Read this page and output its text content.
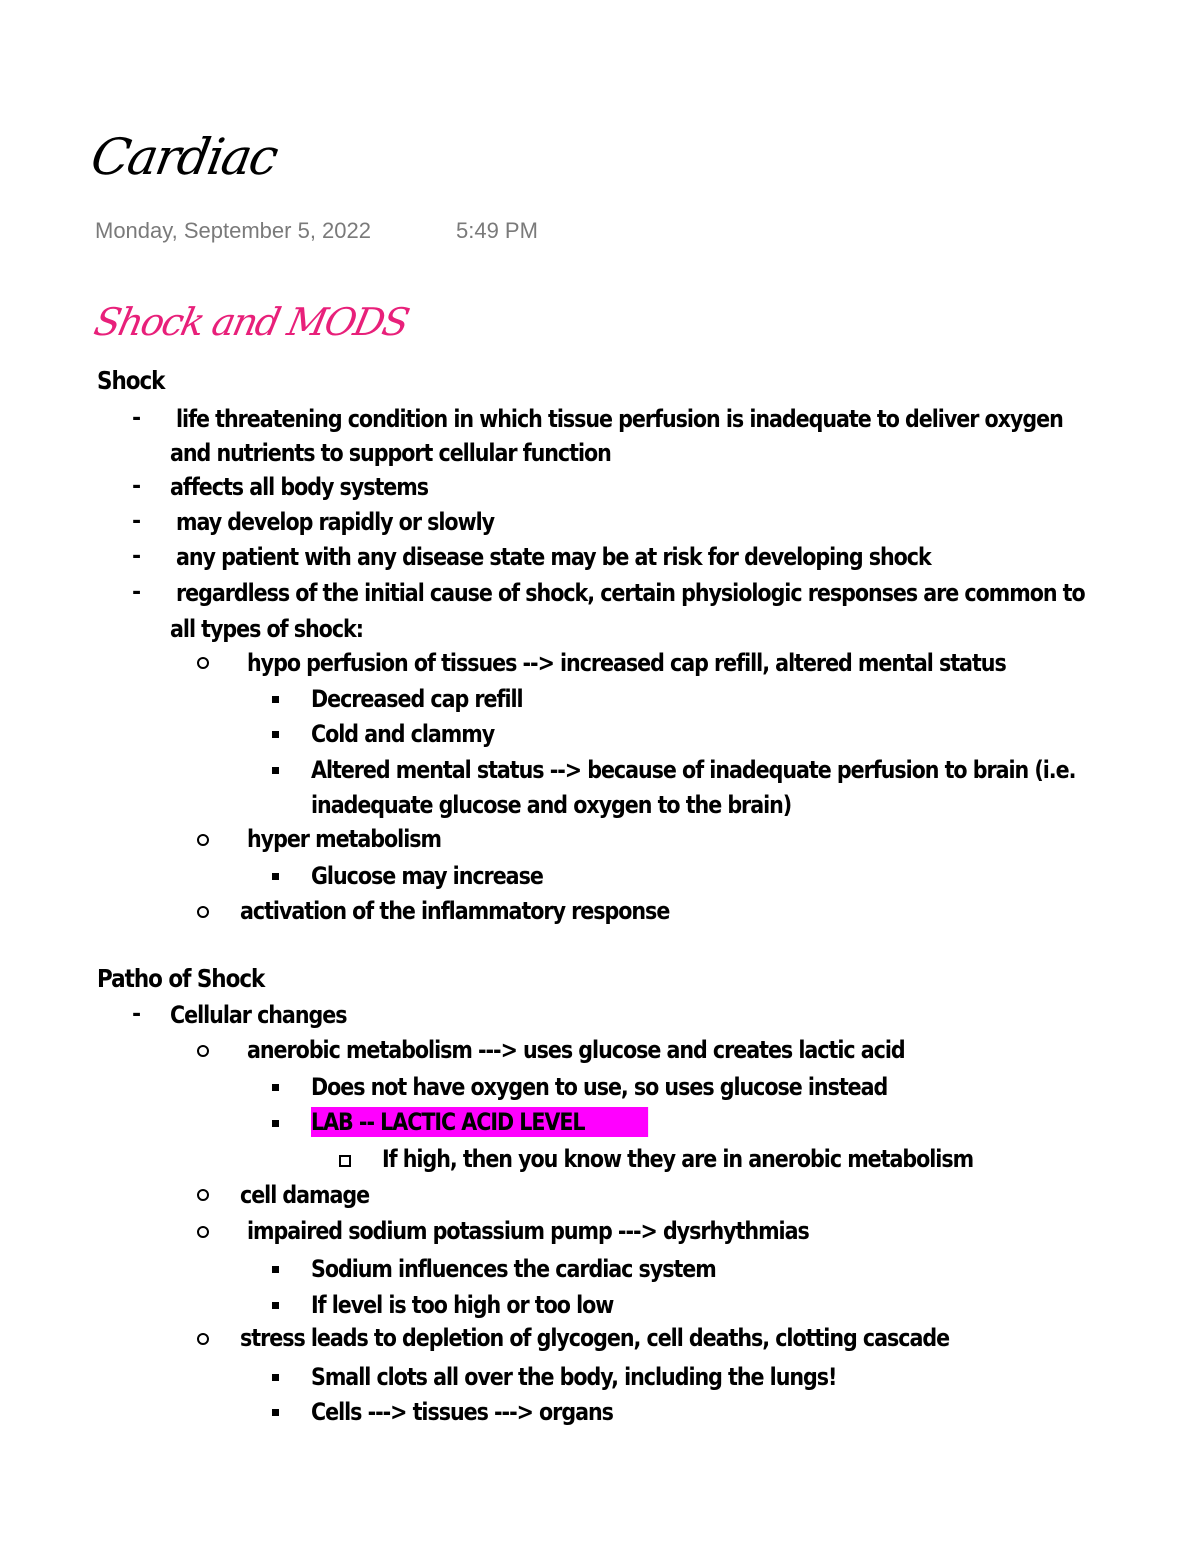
Cardiac
Monday, September 5, 2022	5:49 PM
Shock and MODS
Shock
- life threatening condition in which tissue perfusion is inadequate to deliver oxygen
and nutrients to support cellular function
- affects all body systems
- may develop rapidly or slowly
- any patient with any disease state may be at risk for developing shock
- regardless of the initial cause of shock, certain physiologic responses are common to
all types of shock:
hypo perfusion of tissues --> increased cap refill, altered mental status
Decreased cap refill
Cold and clammy
Altered mental status --> because of inadequate perfusion to brain (i.e.
inadequate glucose and oxygen to the brain)
hyper metabolism
Glucose may increase
activation of the inflammatory response
Patho of Shock
- Cellular changes
anerobic metabolism ---> uses glucose and creates lactic acid
Does not have oxygen to use, so uses glucose instead
LAB -- LACTIC ACID LEVEL
If high, then you know they are in anerobic metabolism
cell damage
impaired sodium potassium pump ---> dysrhythmias
Sodium influences the cardiac system
If level is too high or too low
stress leads to depletion of glycogen, cell deaths, clotting cascade
Small clots all over the body, including the lungs!
Cells ---> tissues ---> organs
